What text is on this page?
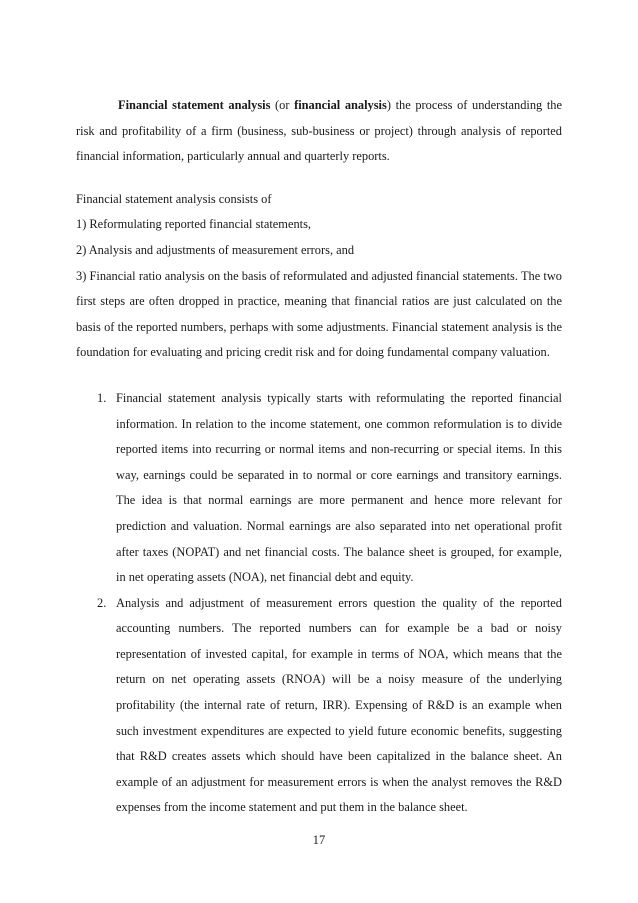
Financial statement analysis (or financial analysis) the process of understanding the risk and profitability of a firm (business, sub-business or project) through analysis of reported financial information, particularly annual and quarterly reports.

Financial statement analysis consists of

1) Reformulating reported financial statements,

2) Analysis and adjustments of measurement errors, and

3) Financial ratio analysis on the basis of reformulated and adjusted financial statements. The two first steps are often dropped in practice, meaning that financial ratios are just calculated on the basis of the reported numbers, perhaps with some adjustments. Financial statement analysis is the foundation for evaluating and pricing credit risk and for doing fundamental company valuation.

1. Financial statement analysis typically starts with reformulating the reported financial information. In relation to the income statement, one common reformulation is to divide reported items into recurring or normal items and non-recurring or special items. In this way, earnings could be separated in to normal or core earnings and transitory earnings. The idea is that normal earnings are more permanent and hence more relevant for prediction and valuation. Normal earnings are also separated into net operational profit after taxes (NOPAT) and net financial costs. The balance sheet is grouped, for example, in net operating assets (NOA), net financial debt and equity.
2. Analysis and adjustment of measurement errors question the quality of the reported accounting numbers. The reported numbers can for example be a bad or noisy representation of invested capital, for example in terms of NOA, which means that the return on net operating assets (RNOA) will be a noisy measure of the underlying profitability (the internal rate of return, IRR). Expensing of R&D is an example when such investment expenditures are expected to yield future economic benefits, suggesting that R&D creates assets which should have been capitalized in the balance sheet. An example of an adjustment for measurement errors is when the analyst removes the R&D expenses from the income statement and put them in the balance sheet.
17
